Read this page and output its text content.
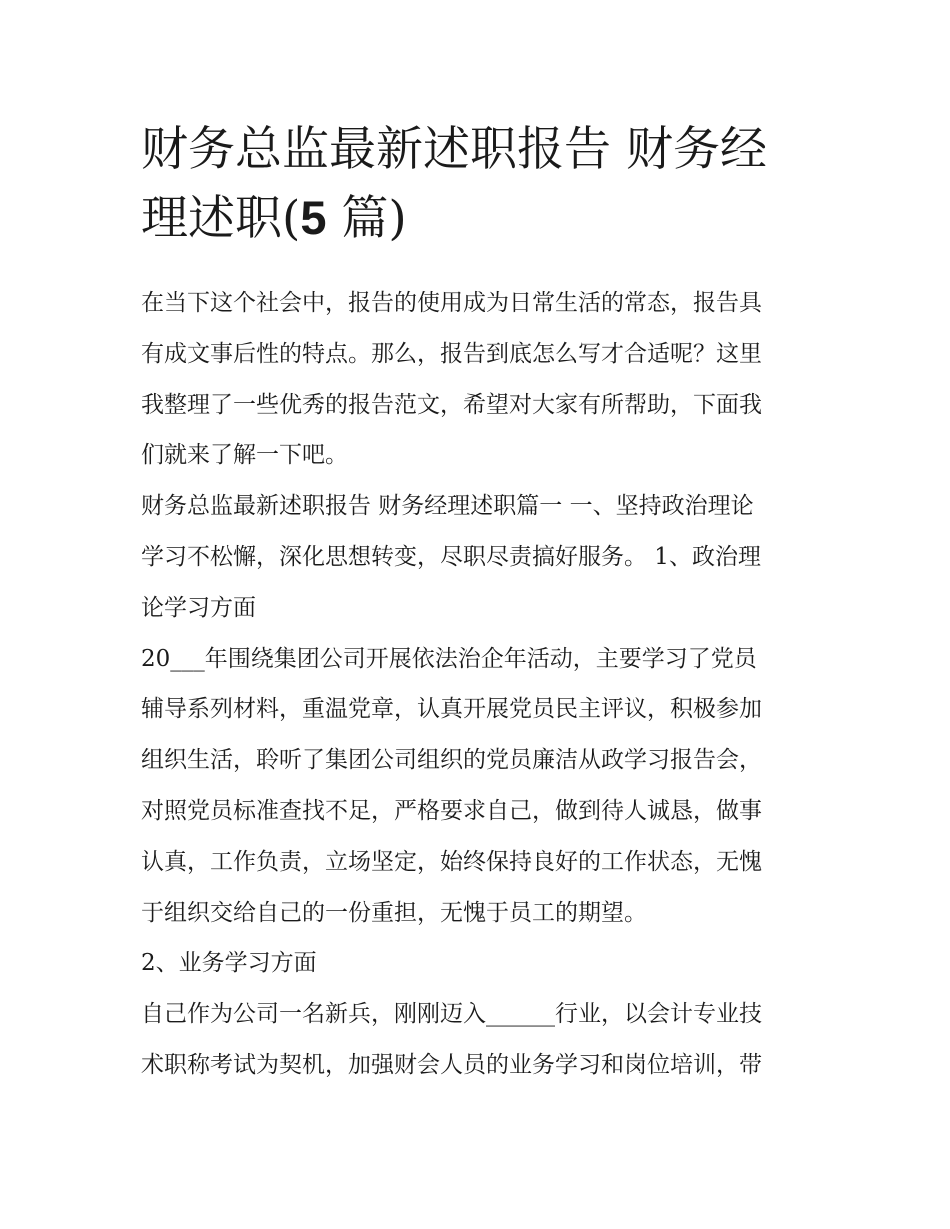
财务总监最新述职报告 财务经
理述职(5 篇)
在当下这个社会中，报告的使用成为日常生活的常态，报告具
有成文事后性的特点。那么，报告到底怎么写才合适呢？这里
我整理了一些优秀的报告范文，希望对大家有所帮助，下面我
们就来了解一下吧。
财务总监最新述职报告 财务经理述职篇一 一、坚持政治理论
学习不松懈，深化思想转变，尽职尽责搞好服务。 1、政治理
论学习方面
20___年围绕集团公司开展依法治企年活动，主要学习了党员
辅导系列材料，重温党章，认真开展党员民主评议，积极参加
组织生活，聆听了集团公司组织的党员廉洁从政学习报告会，
对照党员标准查找不足，严格要求自己，做到待人诚恳，做事
认真，工作负责，立场坚定，始终保持良好的工作状态，无愧
于组织交给自己的一份重担，无愧于员工的期望。
2、业务学习方面
自己作为公司一名新兵，刚刚迈入______行业，以会计专业技
术职称考试为契机，加强财会人员的业务学习和岗位培训，带
